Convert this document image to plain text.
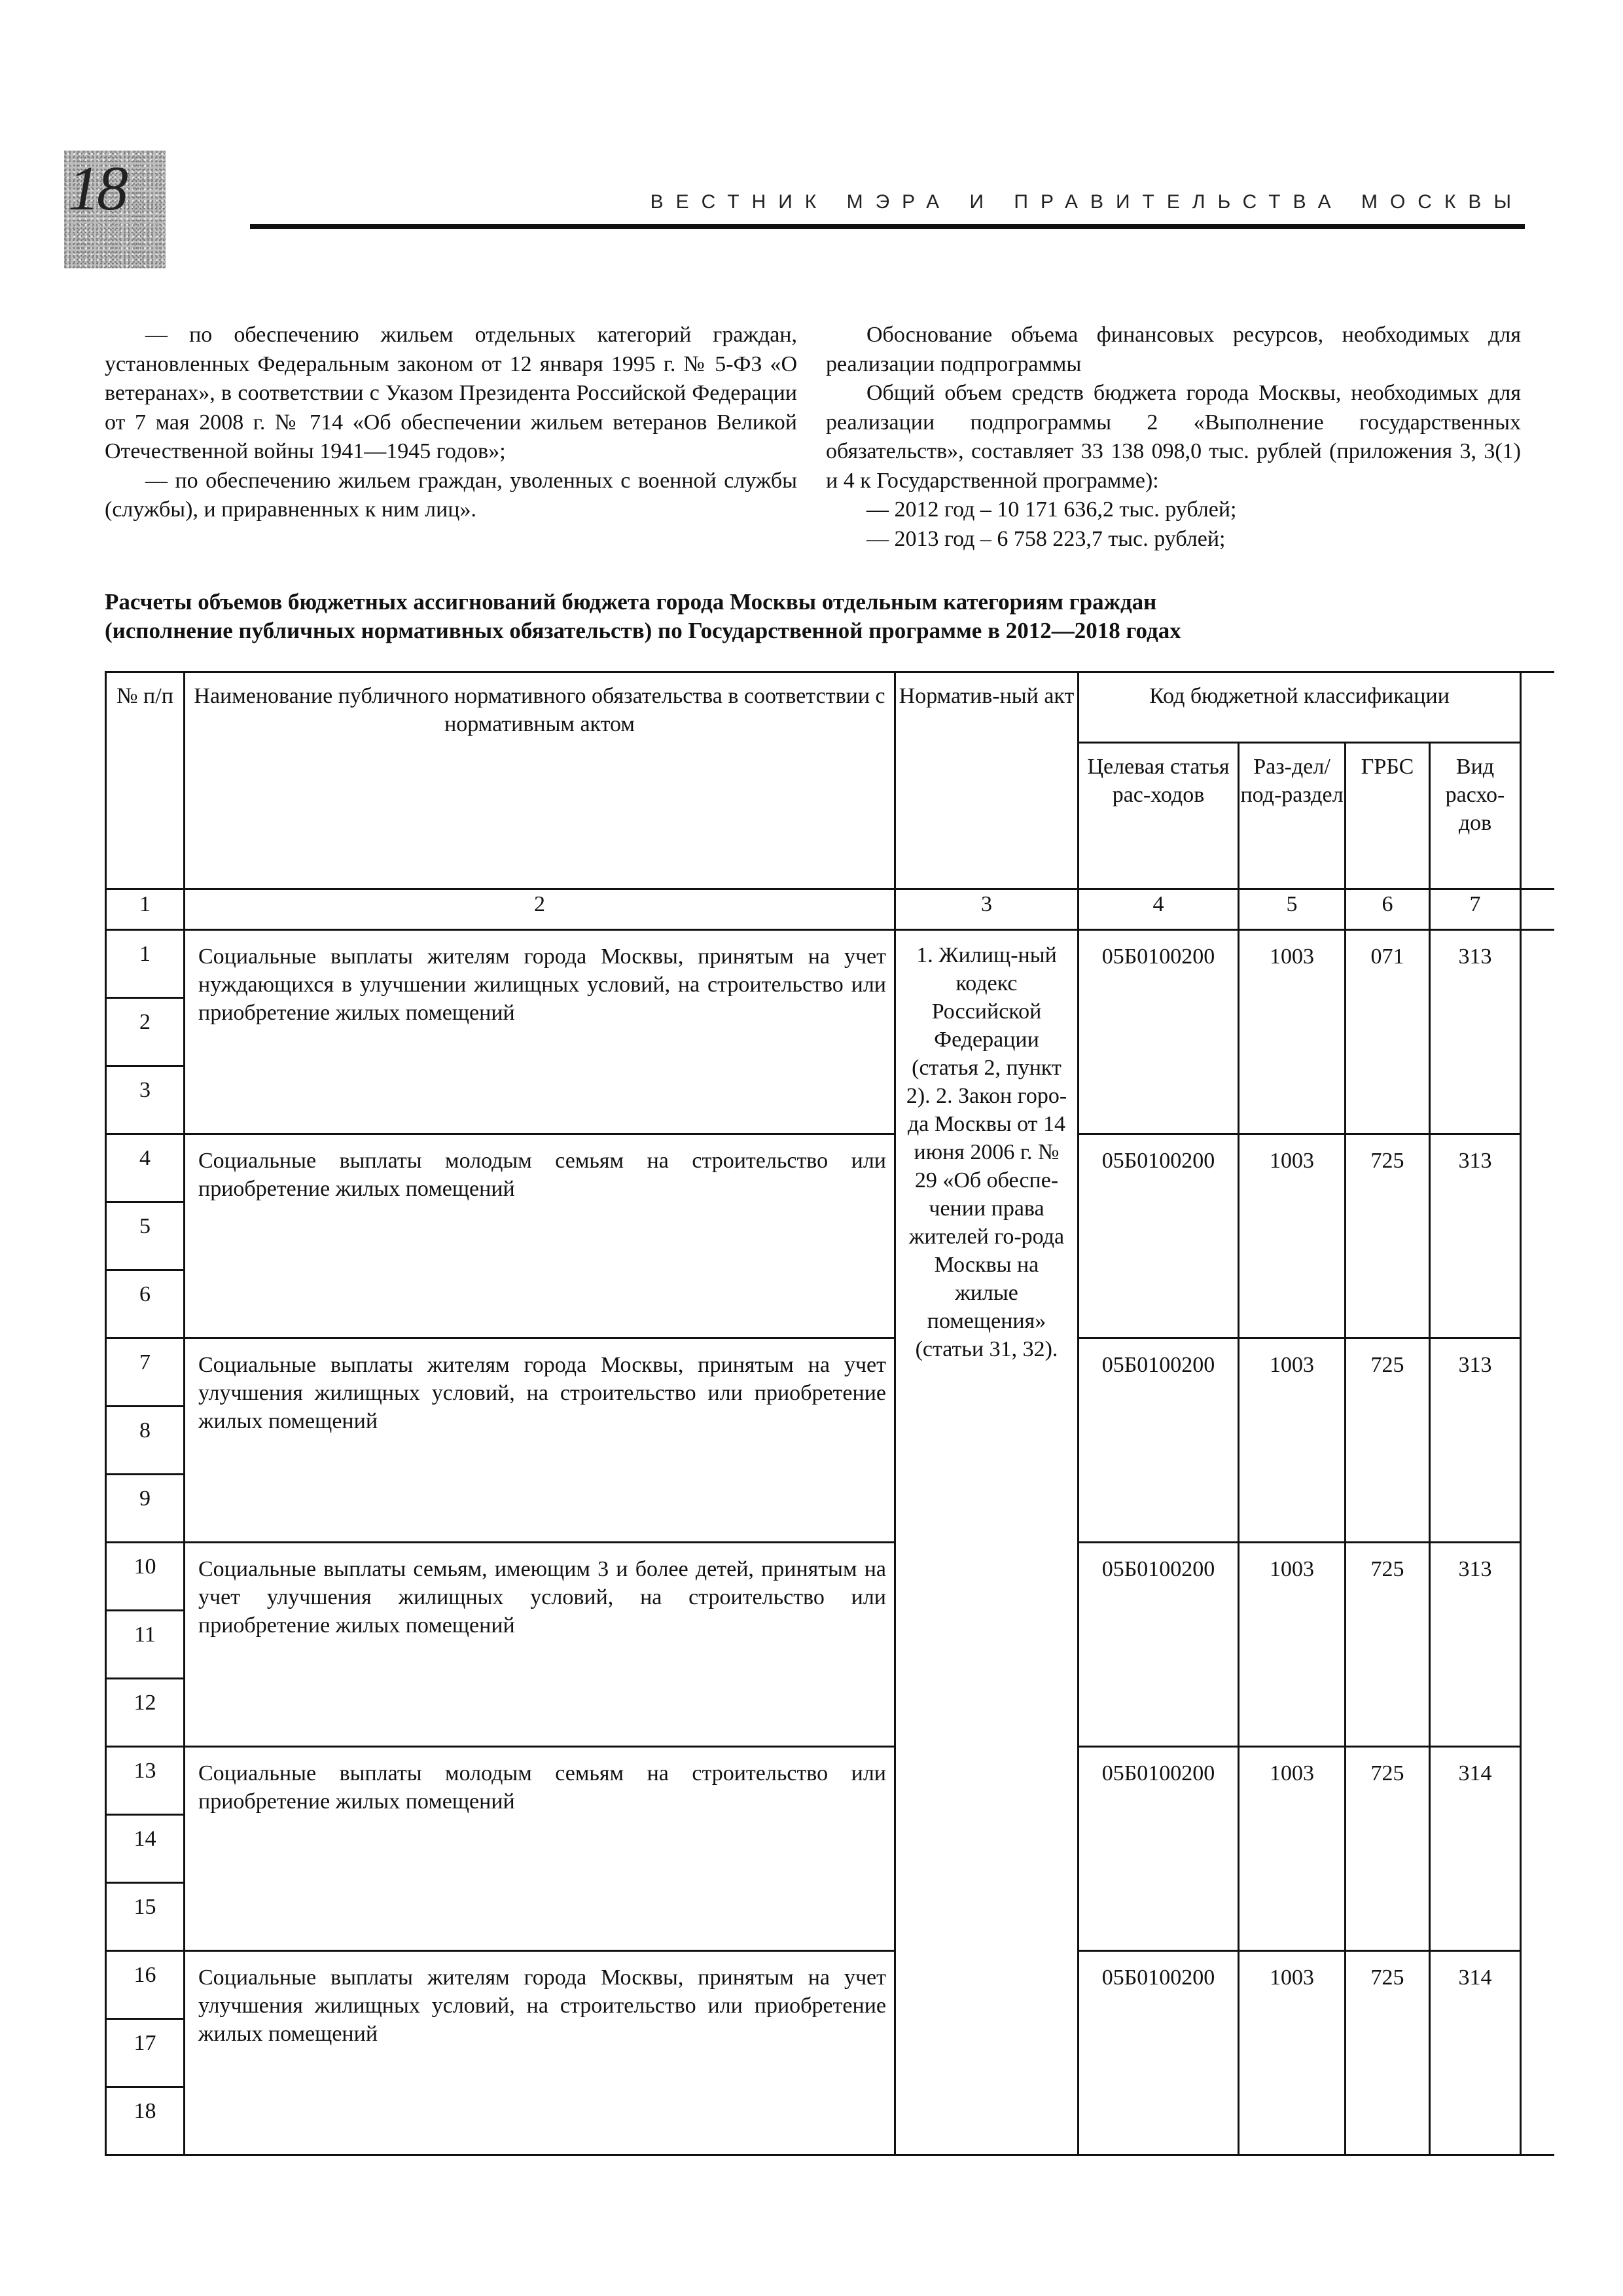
18	ВЕСТНИК МЭРА И ПРАВИТЕЛЬСТВА МОСКВЫ

— по обеспечению жильем отдельных категорий граждан, установленных Федеральным законом от 12 января 1995 г. № 5-ФЗ «О ветеранах», в соответствии с Указом Президента Российской Федерации от 7 мая 2008 г. № 714 «Об обеспечении жильем ветеранов Великой Отечественной войны 1941—1945 годов»;

— по обеспечению жильем граждан, уволенных с военной службы (службы), и приравненных к ним лиц».

Обоснование объема финансовых ресурсов, необходимых для реализации подпрограммы

Общий объем средств бюджета города Москвы, необходимых для реализации подпрограммы 2 «Выполнение государственных обязательств», составляет 33 138 098,0 тыс. рублей (приложения 3, 3(1) и 4 к Государственной программе):

— 2012 год – 10 171 636,2 тыс. рублей;

— 2013 год – 6 758 223,7 тыс. рублей;

Расчеты объемов бюджетных ассигнований бюджета города Москвы отдельным категориям граждан
(исполнение публичных нормативных обязательств) по Государственной программе в 2012—2018 годах
№ п/п	Наименование публичного нормативного обязательства в соответствии с нормативным актом	Норматив-ный акт	Код бюджетной классификации				
			Целевая статья рас-ходов	Раз-дел/ под-раздел	ГРБС	Вид расхо-дов	
1	2	3	4	5	6	7	
1	Социальные выплаты жителям города Москвы, принятым на учет нуждающихся в улучшении жилищных условий, на строительство или приобретение жилых помещений	1. Жилищ-ный кодекс Российской Федерации (статья 2, пункт 2). 2. Закон горо-да Москвы от 14 июня 2006 г. № 29 «Об обеспе-чении права жителей го-рода Москвы на жилые помещения» (статьи 31, 32).	05Б0100200	1003	071	313	
2							
3							
4	Социальные выплаты молодым семьям на строительство или приобретение жилых помещений		05Б0100200	1003	725	313	
5							
6							
7	Социальные выплаты жителям города Москвы, принятым на учет улучшения жилищных условий, на строительство или приобретение жилых помещений		05Б0100200	1003	725	313	
8							
9							
10	Социальные выплаты семьям, имеющим 3 и более детей, принятым на учет улучшения жилищных условий, на строительство или приобретение жилых помещений		05Б0100200	1003	725	313	
11							
12							
13	Социальные выплаты молодым семьям на строительство или приобретение жилых помещений		05Б0100200	1003	725	314	
14							
15							
16	Социальные выплаты жителям города Москвы, принятым на учет улучшения жилищных условий, на строительство или приобретение жилых помещений		05Б0100200	1003	725	314	
17							
18							
